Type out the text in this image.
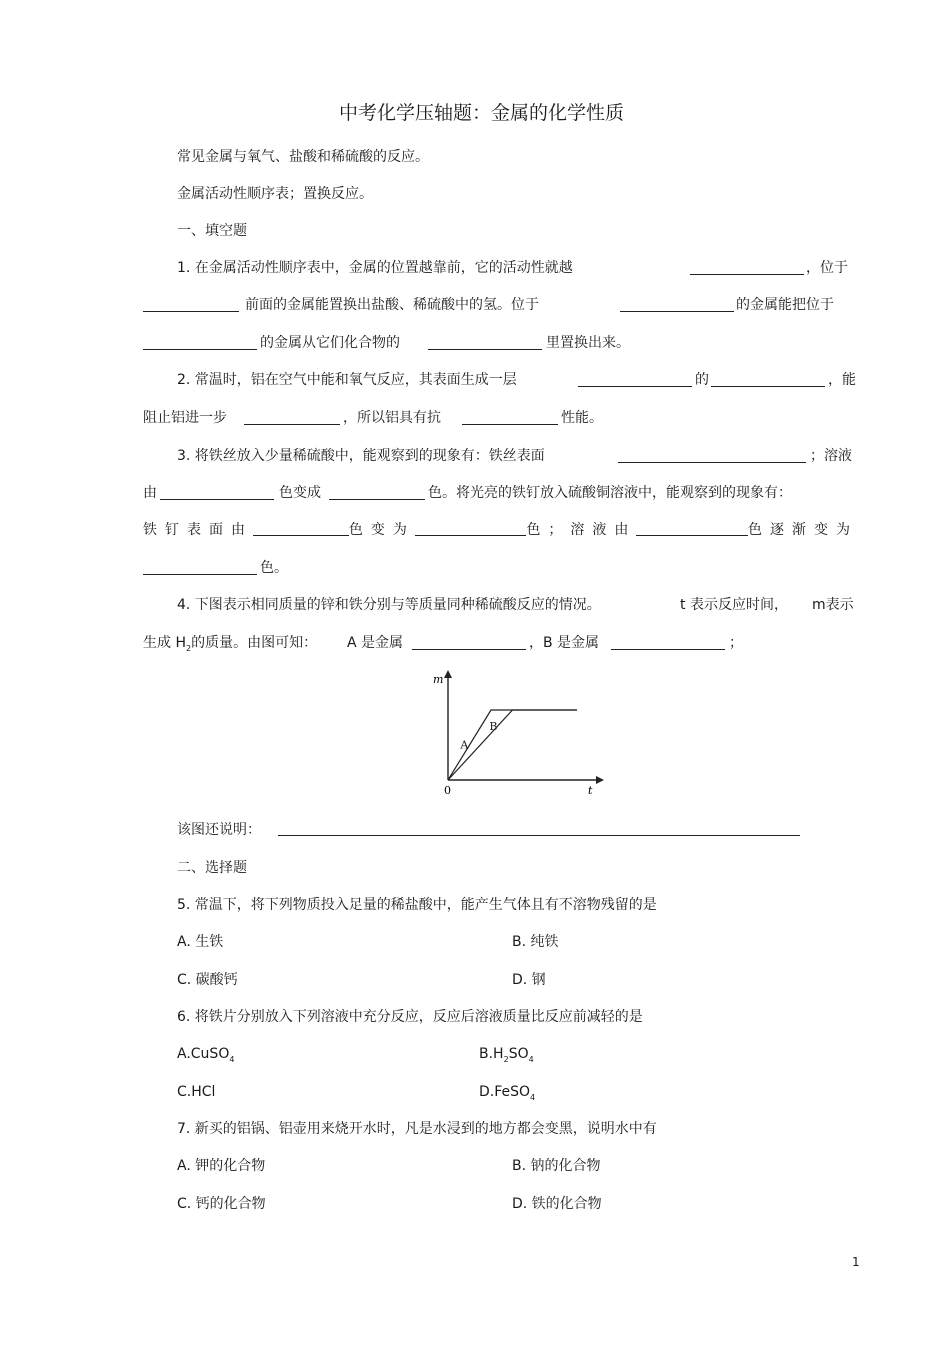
中考化学压轴题：金属的化学性质
常见金属与氧气、盐酸和稀硫酸的反应。
金属活动性顺序表；置换反应。
一、填空题
1. 在金属活动性顺序表中，金属的位置越靠前，它的活动性就越	，位于
前面的金属能置换出盐酸、稀硫酸中的氢。位于	的金属能把位于
的金属从它们化合物的	里置换出来。
2. 常温时，铝在空气中能和氧气反应，其表面生成一层	的	，能
阻止铝进一步	，所以铝具有抗	性能。
3. 将铁丝放入少量稀硫酸中，能观察到的现象有：铁丝表面	；溶液
由	色变成	色。将光亮的铁钉放入硫酸铜溶液中，能观察到的现象有：
铁钉表面由	色变为	色；溶液由	色逐渐变为
色。
4. 下图表示相同质量的锌和铁分别与等质量同种稀硫酸反应的情况。	t 表示反应时间， m表示
生成 $H_2$的质量。由图可知： A 是金属	，B 是金属	；
m
t
0
A
B
该图还说明：
二、选择题
5. 常温下，将下列物质投入足量的稀盐酸中，能产生气体且有不溶物残留的是
A. 生铁	B. 纯铁
C. 碳酸钙	D. 钢
6. 将铁片分别放入下列溶液中充分反应，反应后溶液质量比反应前减轻的是
A.CuSO$_4$	$B.H_2SO_4$
C.HCl	D.FeSO$_4$
7. 新买的铝锅、铝壶用来烧开水时，凡是水浸到的地方都会变黑，说明水中有
A. 钾的化合物	B. 钠的化合物
C. 钙的化合物	D. 铁的化合物
1
